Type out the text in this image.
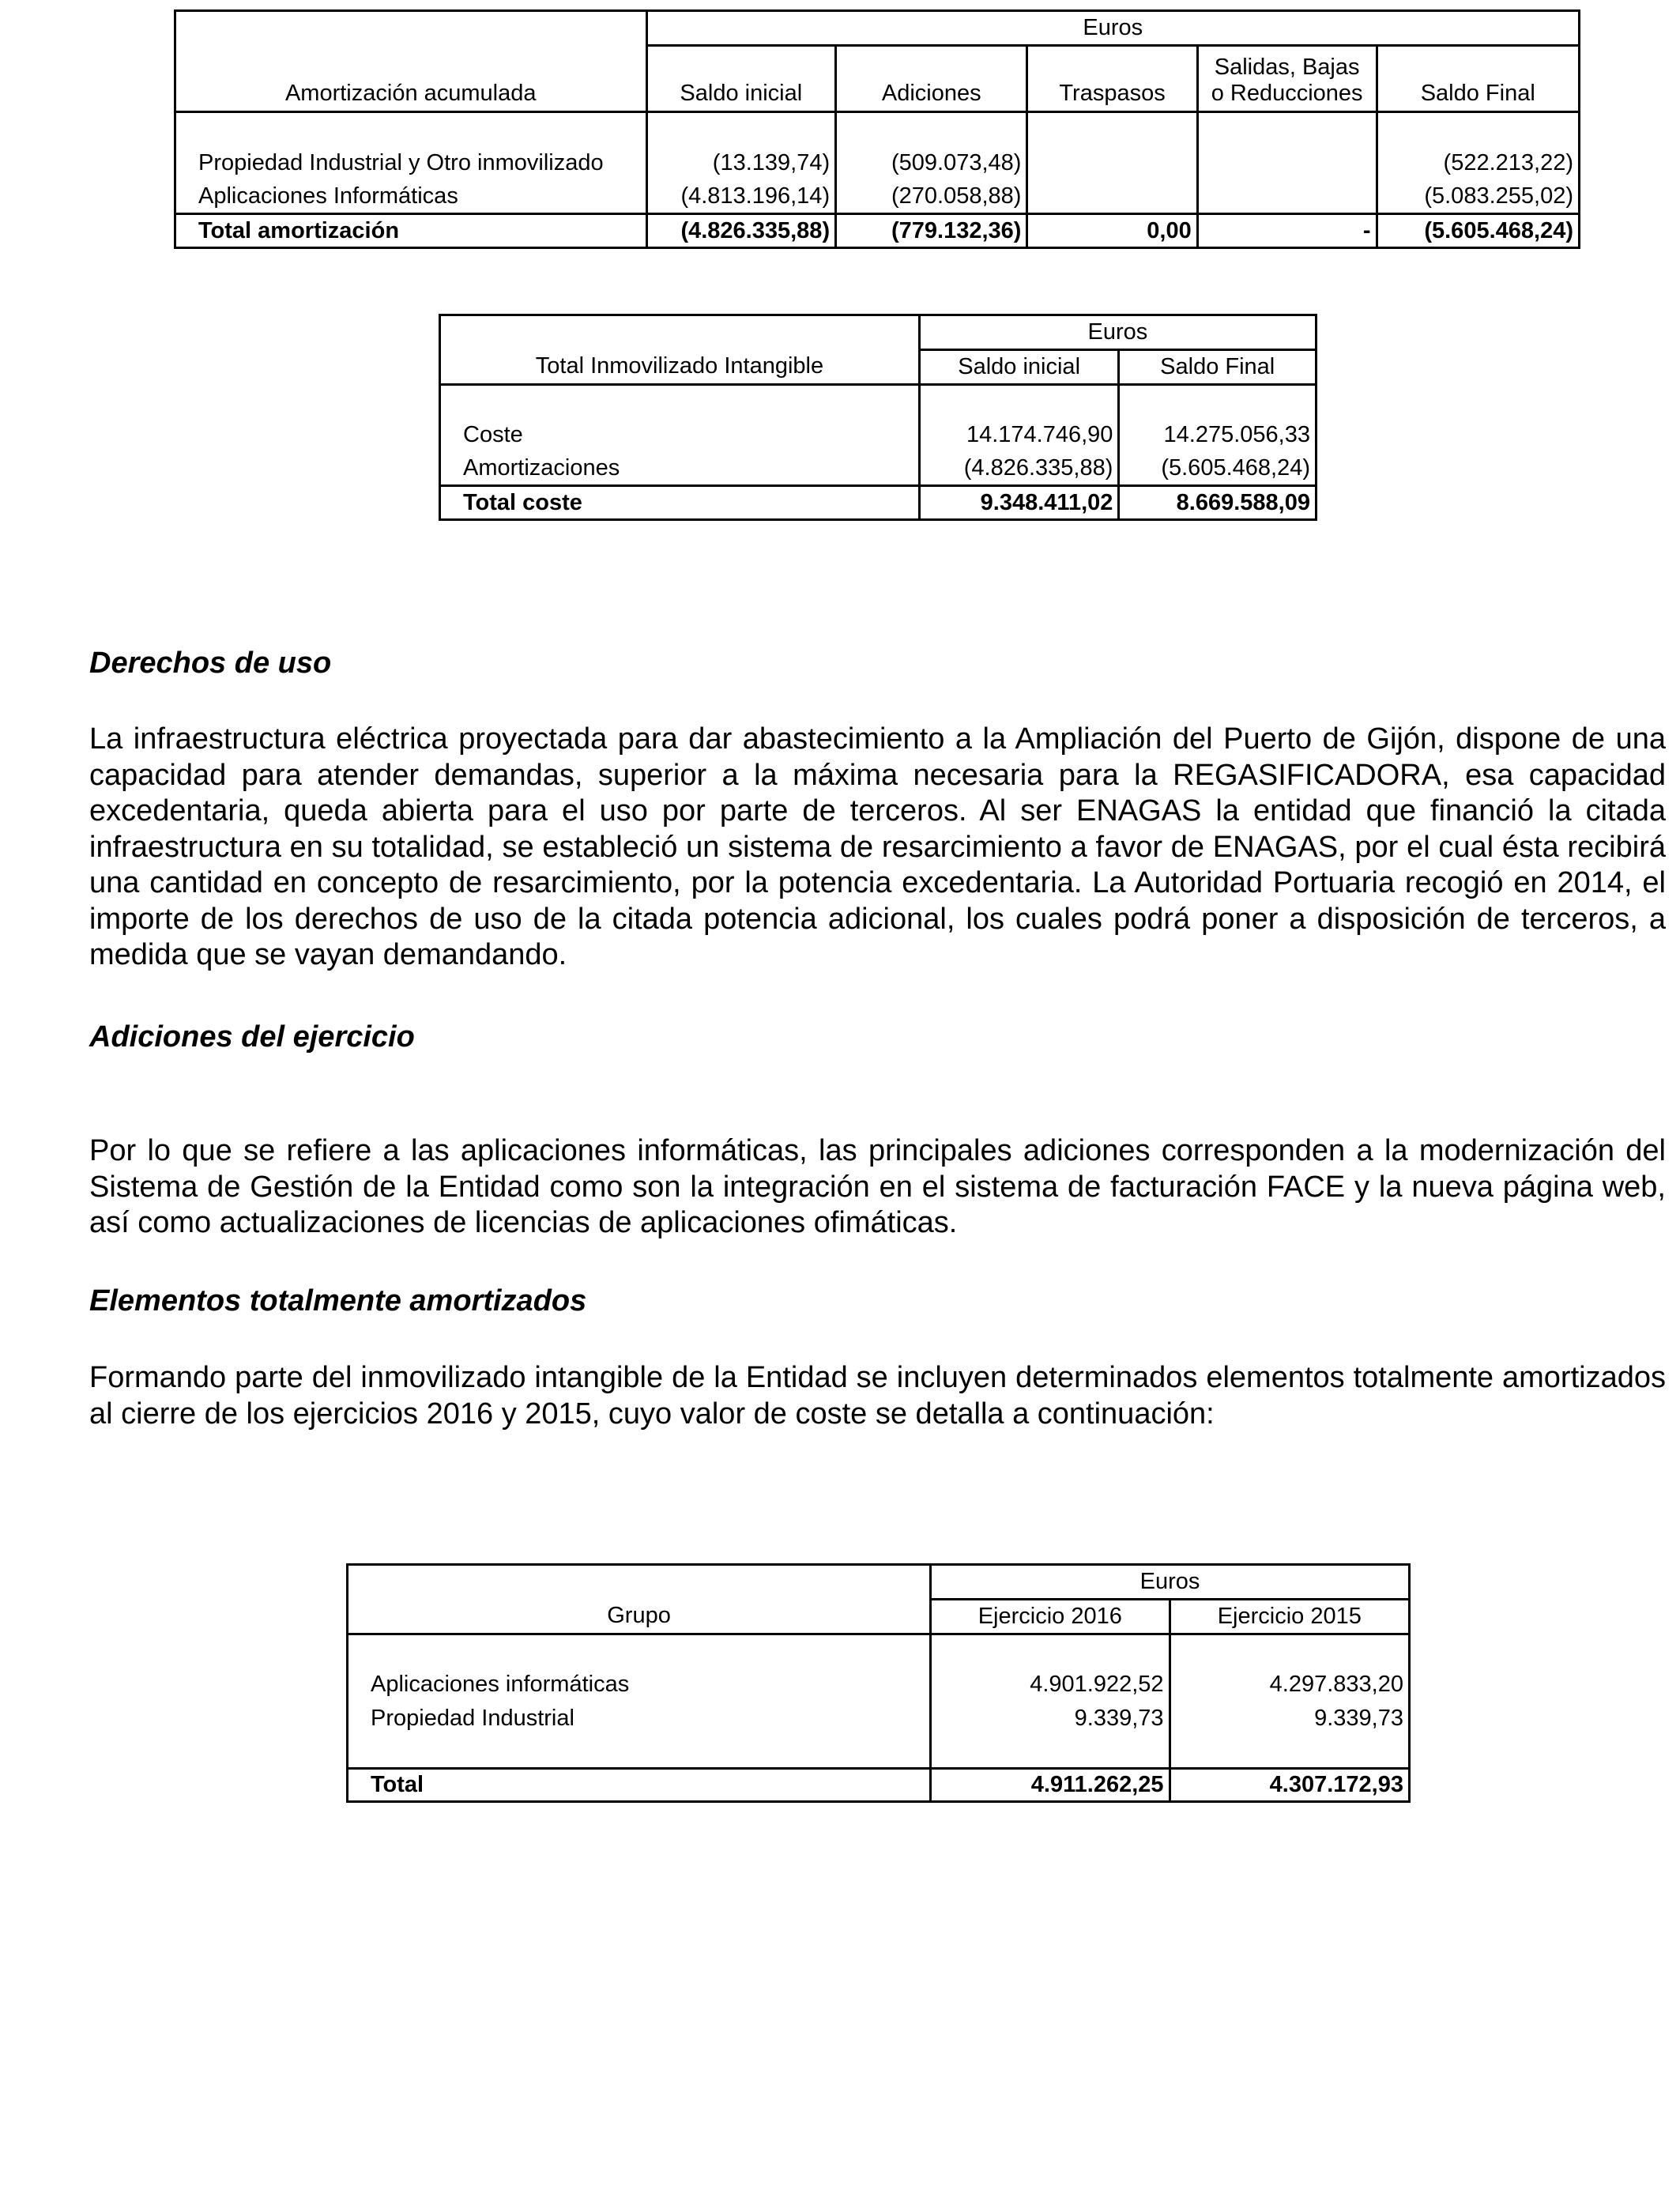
	Euros				
				Salidas, Bajas	
Amortización acumulada	Saldo inicial	Adiciones	Traspasos	o Reducciones	Saldo Final

Propiedad Industrial y Otro inmovilizado	(13.139,74)	(509.073,48)			(522.213,22)
Aplicaciones Informáticas	(4.813.196,14)	(270.058,88)			(5.083.255,02)
Total amortización	(4.826.335,88)	(779.132,36)	0,00	-	(5.605.468,24)
	Euros	
Total Inmovilizado Intangible	Saldo inicial	Saldo Final

Coste	14.174.746,90	14.275.056,33
Amortizaciones	(4.826.335,88)	(5.605.468,24)
Total coste	9.348.411,02	8.669.588,09
Derechos de uso

La infraestructura eléctrica proyectada para dar abastecimiento a la Ampliación del Puerto de Gijón, dispone de una capacidad para atender demandas, superior a la máxima necesaria para la REGASIFICADORA, esa capacidad excedentaria, queda abierta para el uso por parte de terceros. Al ser ENAGAS la entidad que financió la citada infraestructura en su totalidad, se estableció un sistema de resarcimiento a favor de ENAGAS, por el cual ésta recibirá una cantidad en concepto de resarcimiento, por la potencia excedentaria. La Autoridad Portuaria recogió en 2014, el importe de los derechos de uso de la citada potencia adicional, los cuales podrá poner a disposición de terceros, a medida que se vayan demandando.

Adiciones del ejercicio

Por lo que se refiere a las aplicaciones informáticas, las principales adiciones corresponden a la modernización del Sistema de Gestión de la Entidad como son la integración en el sistema de facturación FACE y la nueva página web, así como actualizaciones de licencias de aplicaciones ofimáticas.

Elementos totalmente amortizados

Formando parte del inmovilizado intangible de la Entidad se incluyen determinados elementos totalmente amortizados al cierre de los ejercicios 2016 y 2015, cuyo valor de coste se detalla a continuación:

	Euros	
Grupo	Ejercicio 2016	Ejercicio 2015

Aplicaciones informáticas	4.901.922,52	4.297.833,20
Propiedad Industrial	9.339,73	9.339,73

Total	4.911.262,25	4.307.172,93
